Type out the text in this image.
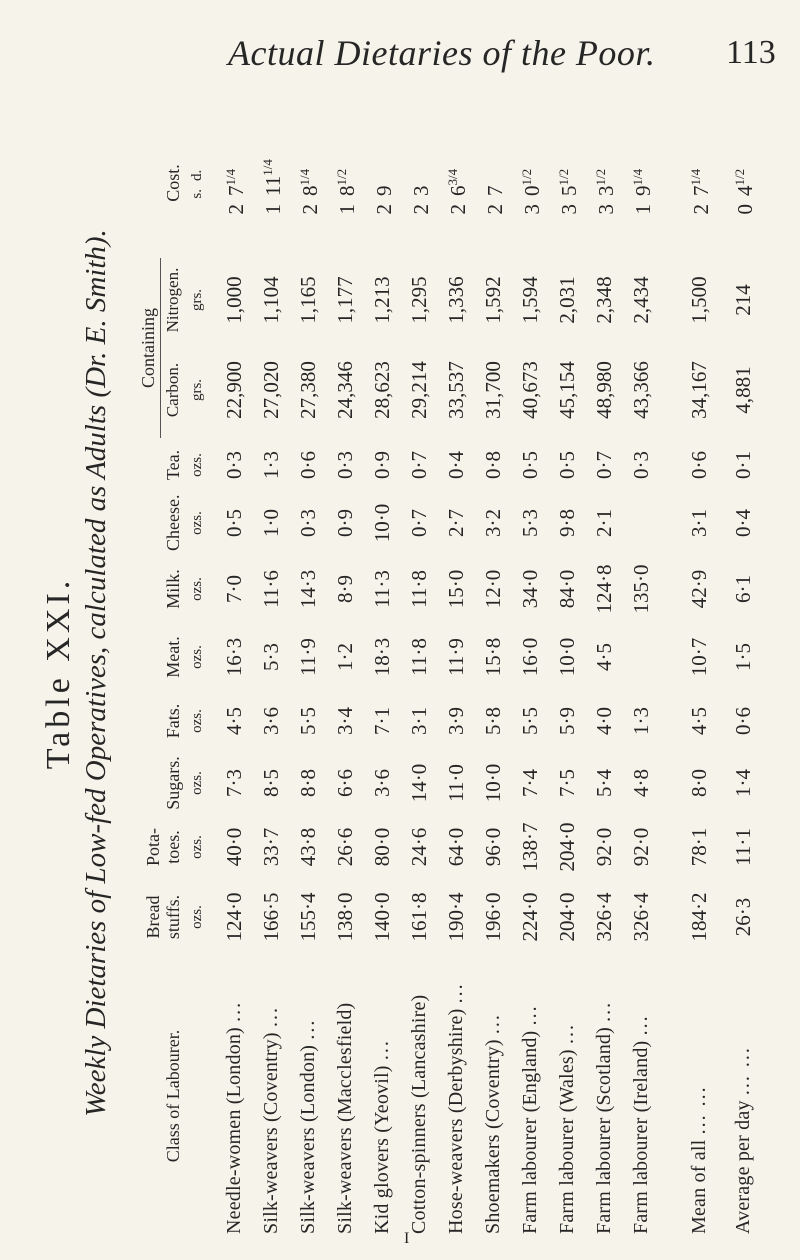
Actual Dietaries of the Poor. 113
Table XXI. Weekly Dietaries of Low-fed Operatives, calculated as Adults (Dr. E. Smith).	Class of Labourer.	Bread stuffs.	Pota- toes.	Sugars.	Fats.	Meat.	Milk.	Cheese.	Tea.	Containing		Cost.
									Carbon.	Nitrogen.	
	ozs.	ozs.	ozs.	ozs.	ozs.	ozs.	ozs.	ozs.	grs.	grs.	s.d.
Needle-women (London) ...	124·0	40·0	7·3	4·5	16·3	7·0	0·5	0·3	22,900	1,000	$27^{1/4}$
Silk-weavers (Coventry) ...	166·5	33·7	8·5	3·6	5·3	11·6	1·0	1·3	27,020	1,104	$111^{1/4}$
Silk-weavers (London) ...	155·4	43·8	8·8	5·5	11·9	14·3	0·3	0·6	27,380	1,165	$28^{1/4}$
Silk-weavers (Macclesfield)	138·0	26·6	6·6	3·4	1·2	8·9	0·9	0·3	24,346	1,177	$18^{1/2}$
Kid glovers (Yeovil) ...	140·0	80·0	3·6	7·1	18·3	11·3	10·0	0·9	28,623	1,213	29
Cotton-spinners (Lancashire)	161·8	24·6	14·0	3·1	11·8	11·8	0·7	0·7	29,214	1,295	23
Hose-weavers (Derbyshire) ...	190·4	64·0	11·0	3·9	11·9	15·0	2·7	0·4	33,537	1,336	$26^{3/4}$
Shoemakers (Coventry) ...	196·0	96·0	10·0	5·8	15·8	12·0	3·2	0·8	31,700	1,592	27
Farm labourer (England) ...	224·0	138·7	7·4	5·5	16·0	34·0	5·3	0·5	40,673	1,594	$30^{1/2}$
Farm labourer (Wales) ...	204·0	204·0	7·5	5·9	10·0	84·0	9·8	0·5	45,154	2,031	$35^{1/2}$
Farm labourer (Scotland) ...	326·4	92·0	5·4	4·0	4·5	124·8	2·1	0·7	48,980	2,348	$33^{1/2}$
Farm labourer (Ireland) ...	326·4	92·0	4·8	1·3		135·0		0·3	43,366	2,434	$19^{1/4}$

Mean of all ... ...	184·2	78·1	8·0	4·5	10·7	42·9	3·1	0·6	34,167	1,500	$27^{1/4}$
Average per day ... ...	26·3	11·1	1·4	0·6	1·5	6·1	0·4	0·1	4,881	214	$04^{1/2}$
I
